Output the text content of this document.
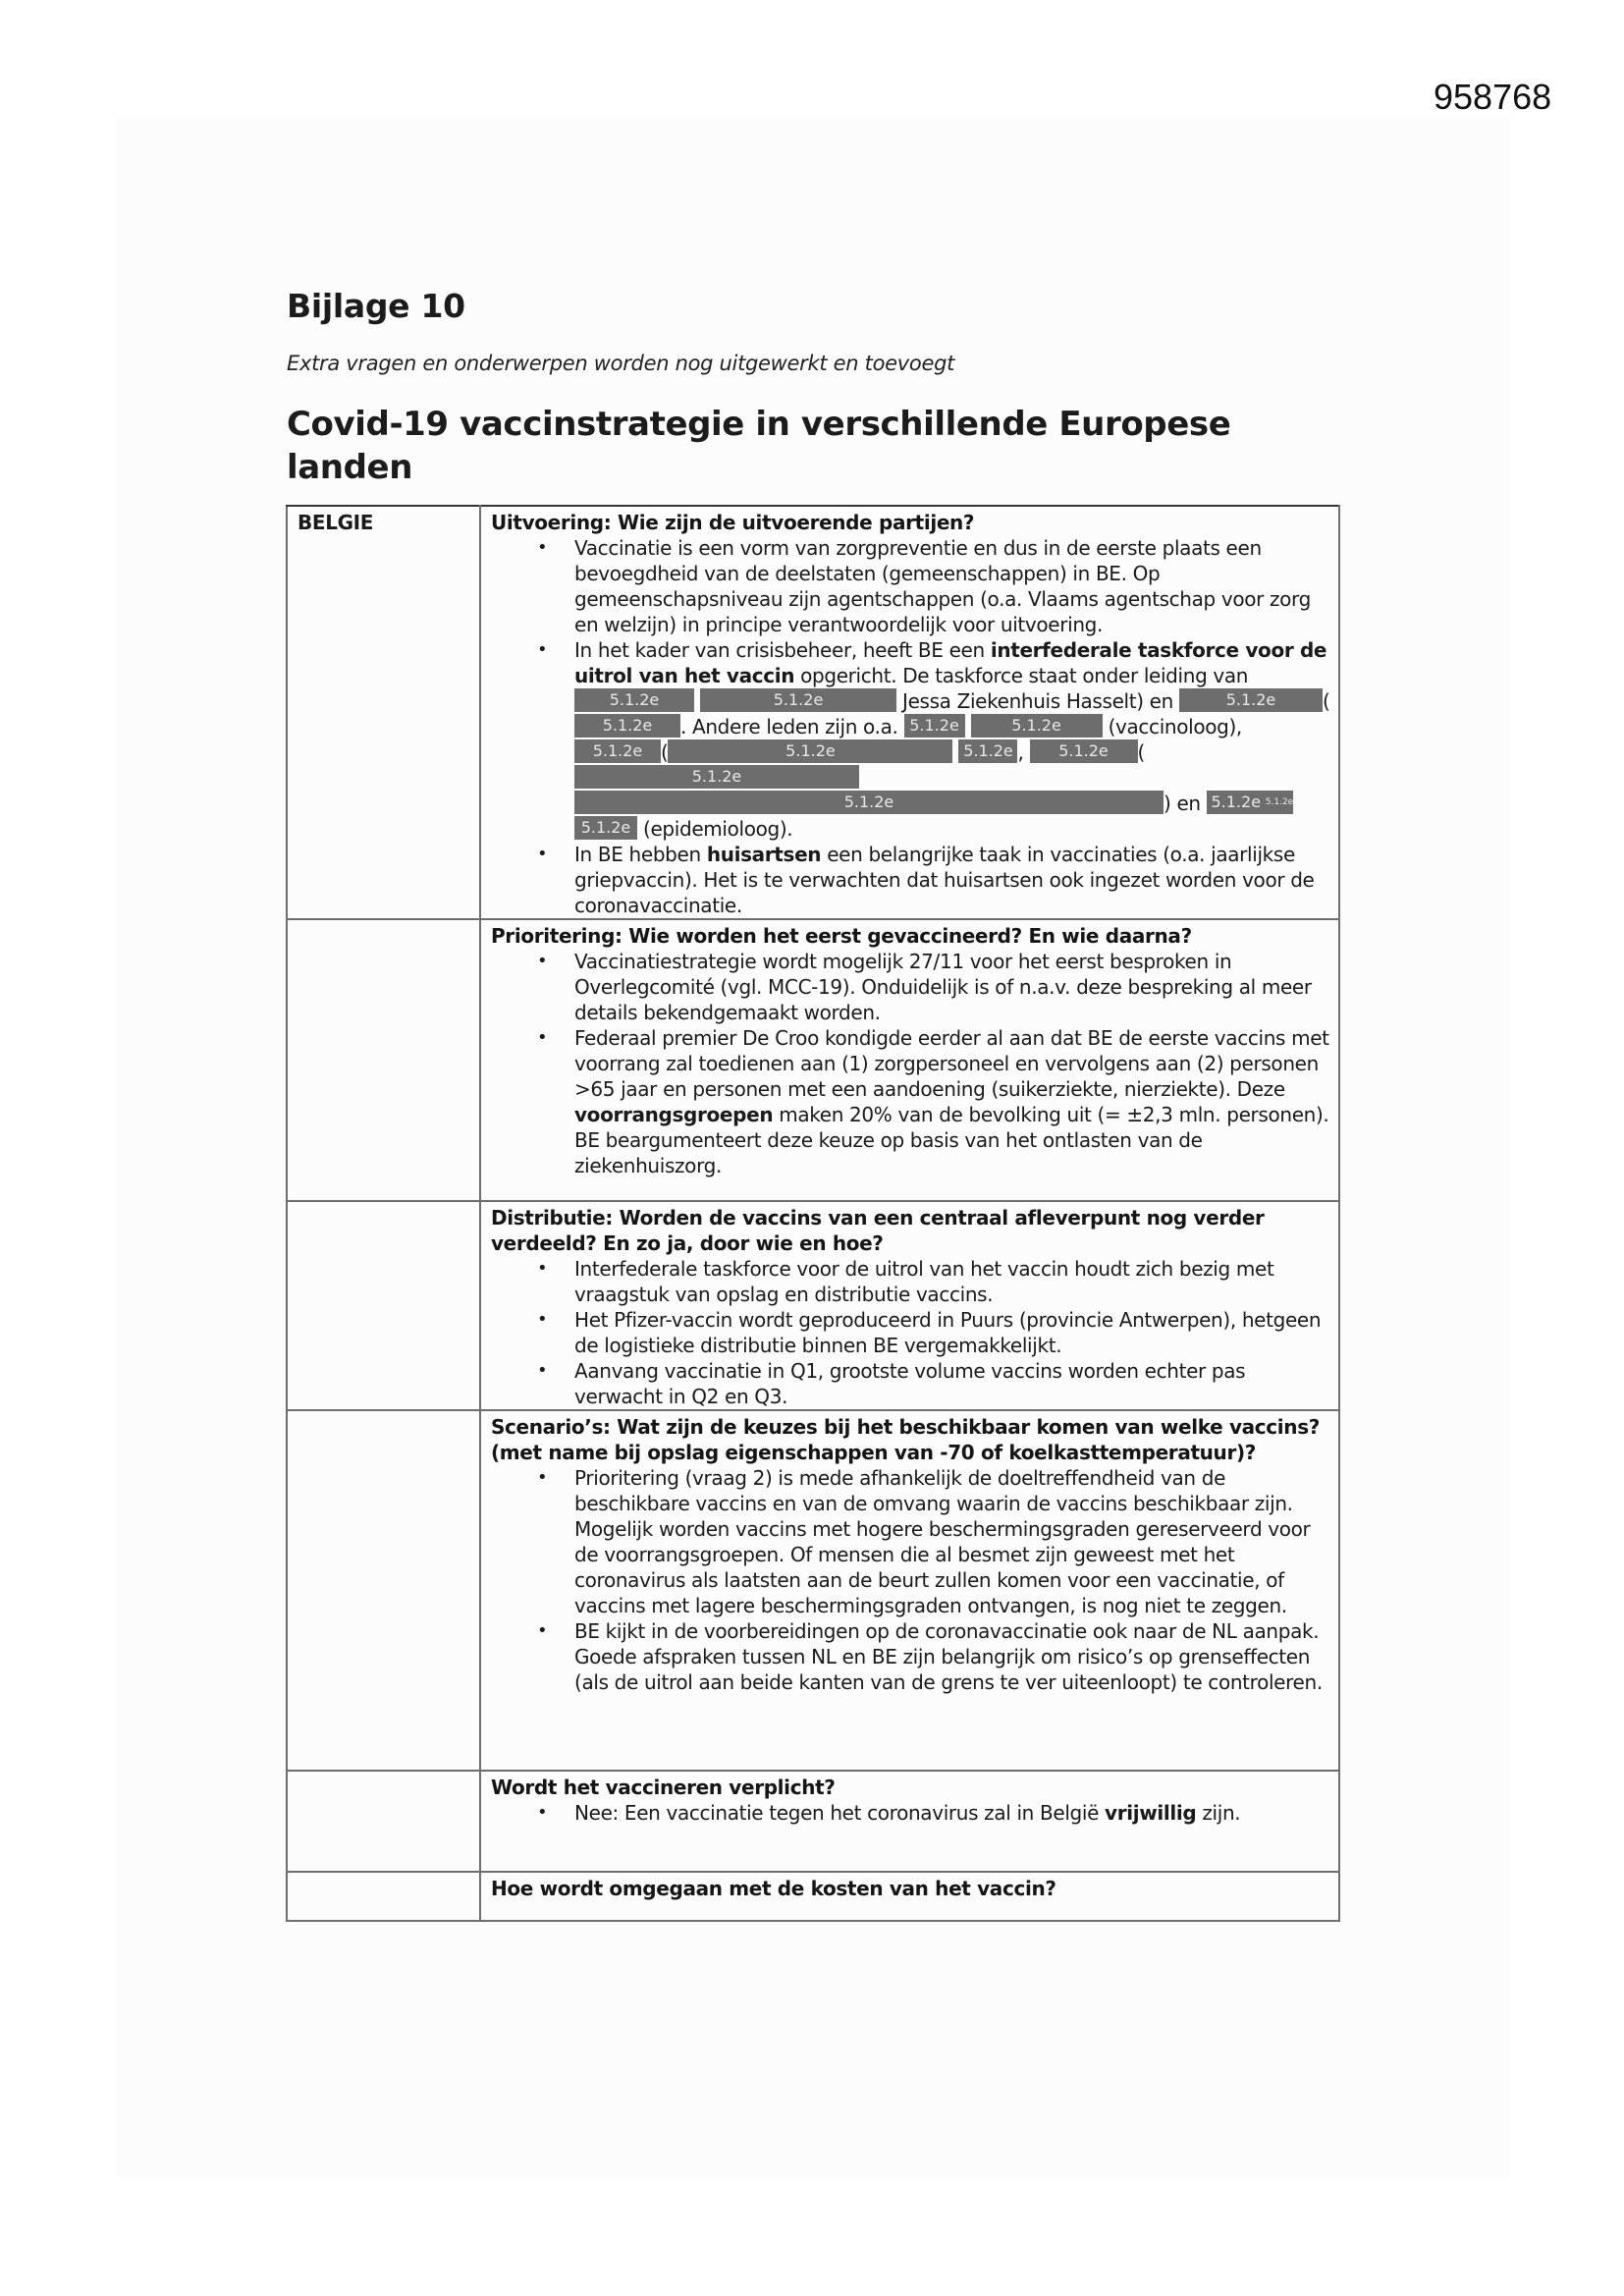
958768
Bijlage 10
Extra vragen en onderwerpen worden nog uitgewerkt en toevoegt
Covid-19 vaccinstrategie in verschillende Europese landen
BELGIE	Uitvoering: Wie zijn de uitvoerende partijen?
• Vaccinatie is een vorm van zorgpreventie en dus in de eerste plaats een bevoegdheid van de deelstaten (gemeenschappen) in BE. Op gemeenschapsniveau zijn agentschappen (o.a. Vlaams agentschap voor zorg en welzijn) in principe verantwoordelijk voor uitvoering.
• In het kader van crisisbeheer, heeft BE een interfederale taskforce voor de uitrol van het vaccin opgericht. De taskforce staat onder leiding van 5.1.2e	5.1.2e	Jessa Ziekenhuis Hasselt) en	5.1.2e (5.1.2e . Andere leden zijn o.a. 5.1.2e	5.1.2e (vaccinoloog), 5.1.2e (	5.1.2e	5.1.2e , 5.1.2e (5.1.2e 5.1.2e	) en 5.1.2e 5.1.2e 5.1.2e (epidemioloog).
• In BE hebben huisartsen een belangrijke taak in vaccinaties (o.a. jaarlijkse griepvaccin). Het is te verwachten dat huisartsen ook ingezet worden voor de coronavaccinatie.

Prioritering: Wie worden het eerst gevaccineerd? En wie daarna?
• Vaccinatiestrategie wordt mogelijk 27/11 voor het eerst besproken in Overlegcomité (vgl. MCC-19). Onduidelijk is of n.a.v. deze bespreking al meer details bekendgemaakt worden.
• Federaal premier De Croo kondigde eerder al aan dat BE de eerste vaccins met voorrang zal toedienen aan (1) zorgpersoneel en vervolgens aan (2) personen >65 jaar en personen met een aandoening (suikerziekte, nierziekte). Deze voorrangsgroepen maken 20% van de bevolking uit (= ±2,3 mln. personen). BE beargumenteert deze keuze op basis van het ontlasten van de ziekenhuiszorg.

Distributie: Worden de vaccins van een centraal afleverpunt nog verder verdeeld? En zo ja, door wie en hoe?
• Interfederale taskforce voor de uitrol van het vaccin houdt zich bezig met vraagstuk van opslag en distributie vaccins.
• Het Pfizer-vaccin wordt geproduceerd in Puurs (provincie Antwerpen), hetgeen de logistieke distributie binnen BE vergemakkelijkt.
• Aanvang vaccinatie in Q1, grootste volume vaccins worden echter pas verwacht in Q2 en Q3.

Scenario’s: Wat zijn de keuzes bij het beschikbaar komen van welke vaccins? (met name bij opslag eigenschappen van -70 of koelkasttemperatuur)?
• Prioritering (vraag 2) is mede afhankelijk de doeltreffendheid van de beschikbare vaccins en van de omvang waarin de vaccins beschikbaar zijn. Mogelijk worden vaccins met hogere beschermingsgraden gereserveerd voor de voorrangsgroepen. Of mensen die al besmet zijn geweest met het coronavirus als laatsten aan de beurt zullen komen voor een vaccinatie, of vaccins met lagere beschermingsgraden ontvangen, is nog niet te zeggen.
• BE kijkt in de voorbereidingen op de coronavaccinatie ook naar de NL aanpak. Goede afspraken tussen NL en BE zijn belangrijk om risico’s op grenseffecten (als de uitrol aan beide kanten van de grens te ver uiteenloopt) te controleren.

Wordt het vaccineren verplicht?
• Nee: Een vaccinatie tegen het coronavirus zal in België vrijwillig zijn.

	Hoe wordt omgegaan met de kosten van het vaccin?
